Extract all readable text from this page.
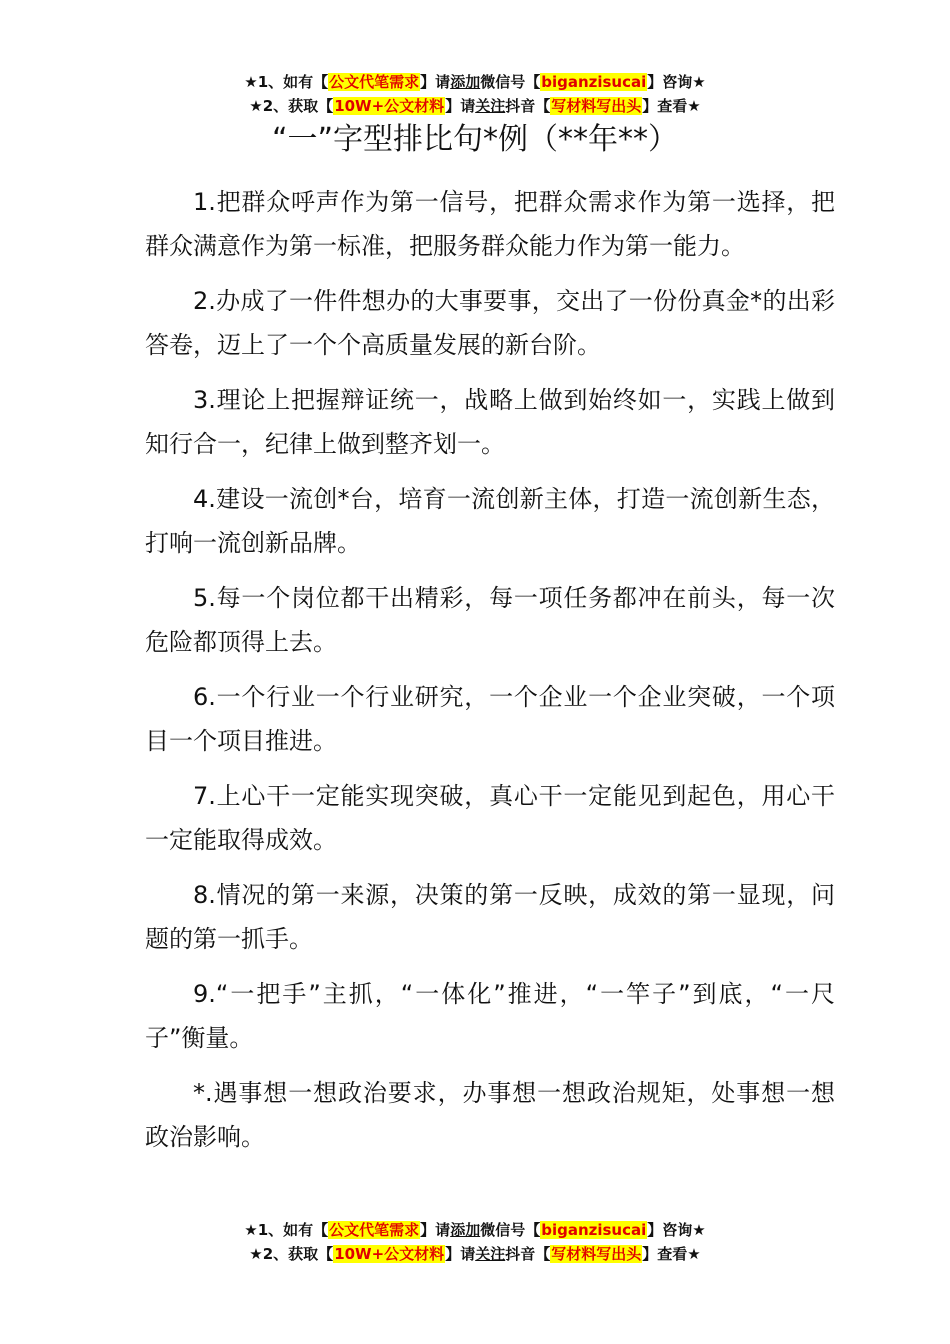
★1、如有【公文代笔需求】请添加微信号【biganzisucai】咨询★
★2、获取【10W+公文材料】请关注抖音【写材料写出头】查看★
“一”字型排比句*例（**年**）

1.把群众呼声作为第一信号，把群众需求作为第一选择，把群众满意作为第一标准，把服务群众能力作为第一能力。

2.办成了一件件想办的大事要事，交出了一份份真金*的出彩答卷，迈上了一个个高质量发展的新台阶。

3.理论上把握辩证统一，战略上做到始终如一，实践上做到知行合一，纪律上做到整齐划一。

4.建设一流创*台，培育一流创新主体，打造一流创新生态，打响一流创新品牌。

5.每一个岗位都干出精彩，每一项任务都冲在前头，每一次危险都顶得上去。

6.一个行业一个行业研究，一个企业一个企业突破，一个项目一个项目推进。

7.上心干一定能实现突破，真心干一定能见到起色，用心干一定能取得成效。

8.情况的第一来源，决策的第一反映，成效的第一显现，问题的第一抓手。

9.“一把手”主抓，“一体化”推进，“一竿子”到底，“一尺子”衡量。

*.遇事想一想政治要求，办事想一想政治规矩，处事想一想政治影响。

★1、如有【公文代笔需求】请添加微信号【biganzisucai】咨询★
★2、获取【10W+公文材料】请关注抖音【写材料写出头】查看★
